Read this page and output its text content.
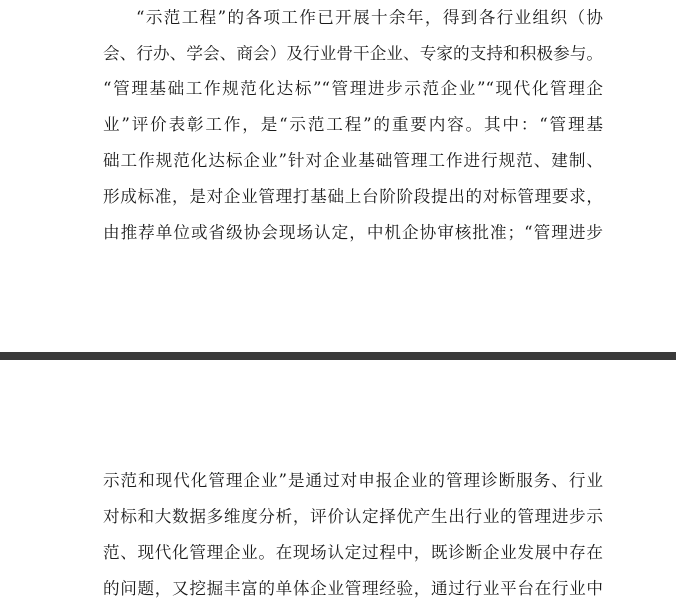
“示范工程”的各项工作已开展十余年，得到各行业组织（协
会、行办、学会、商会）及行业骨干企业、专家的支持和积极参与。
“管理基础工作规范化达标”“管理进步示范企业”“现代化管理企
业”评价表彰工作，是“示范工程”的重要内容。其中：“管理基
础工作规范化达标企业”针对企业基础管理工作进行规范、建制、
形成标准，是对企业管理打基础上台阶阶段提出的对标管理要求，
由推荐单位或省级协会现场认定，中机企协审核批准；“管理进步
示范和现代化管理企业”是通过对申报企业的管理诊断服务、行业
对标和大数据多维度分析，评价认定择优产生出行业的管理进步示
范、现代化管理企业。在现场认定过程中，既诊断企业发展中存在
的问题，又挖掘丰富的单体企业管理经验，通过行业平台在行业中
